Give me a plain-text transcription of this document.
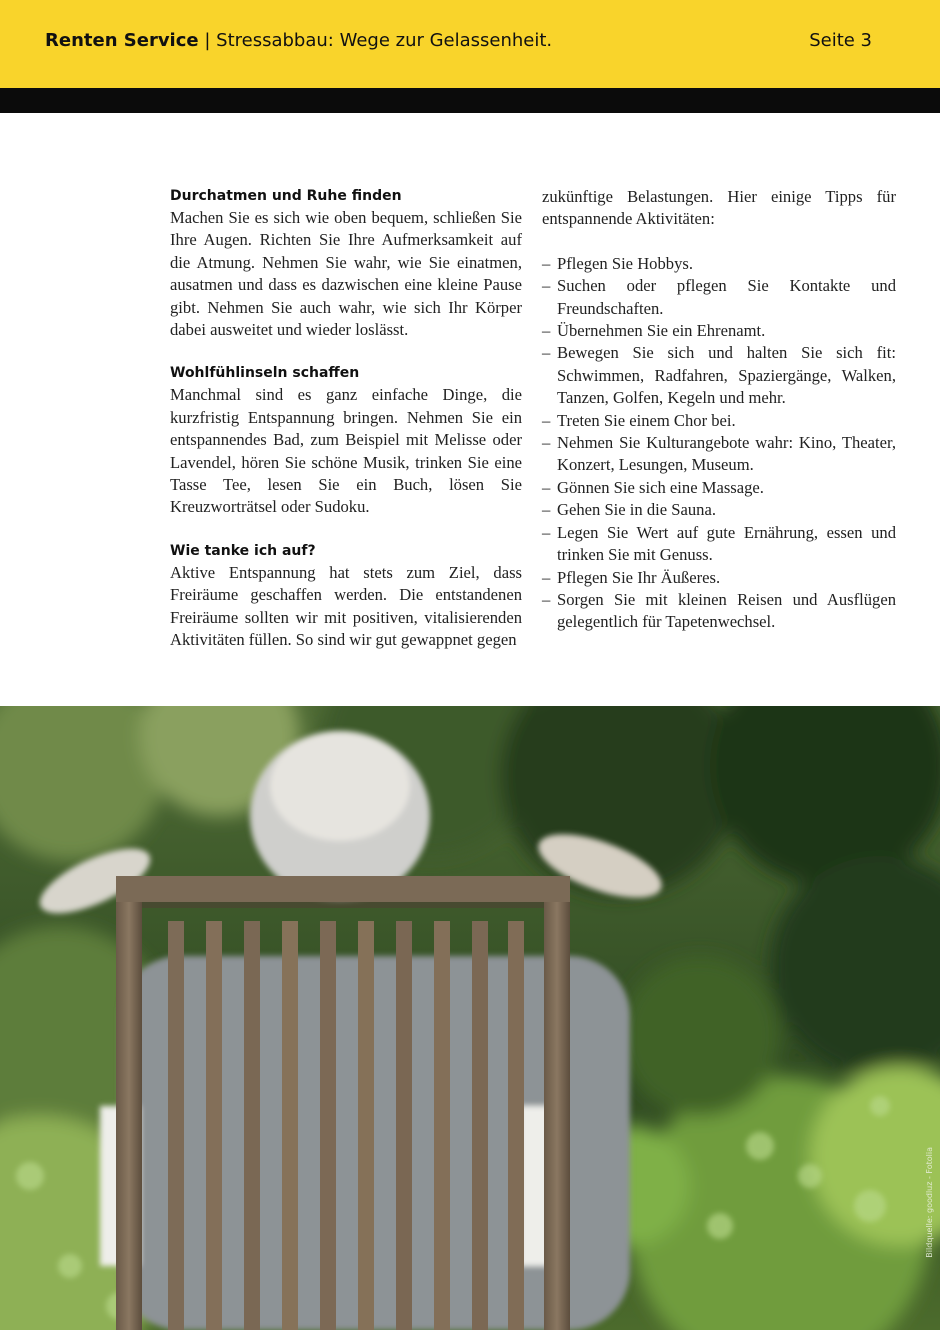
Renten Service | Stressabbau: Wege zur Gelassenheit.	Seite 3
Durchatmen und Ruhe finden

Machen Sie es sich wie oben bequem, schließen Sie Ihre Augen. Richten Sie Ihre Aufmerksamkeit auf die Atmung. Nehmen Sie wahr, wie Sie einatmen, ausatmen und dass es dazwischen eine kleine Pause gibt. Nehmen Sie auch wahr, wie sich Ihr Körper dabei ausweitet und wieder loslässt.

Wohlfühlinseln schaffen

Manchmal sind es ganz einfache Dinge, die kurzfristig Entspannung bringen. Nehmen Sie ein entspannendes Bad, zum Beispiel mit Melisse oder Lavendel, hören Sie schöne Musik, trinken Sie eine Tasse Tee, lesen Sie ein Buch, lösen Sie Kreuzworträtsel oder Sudoku.

Wie tanke ich auf?

Aktive Entspannung hat stets zum Ziel, dass Freiräume geschaffen werden. Die entstandenen Freiräume sollten wir mit positiven, vitalisierenden Aktivitäten füllen. So sind wir gut gewappnet gegen

zukünftige Belastungen. Hier einige Tipps für entspannende Aktivitäten:

– Pflegen Sie Hobbys.
– Suchen oder pflegen Sie Kontakte und Freundschaften.
– Übernehmen Sie ein Ehrenamt.
– Bewegen Sie sich und halten Sie sich fit: Schwimmen, Radfahren, Spaziergänge, Walken, Tanzen, Golfen, Kegeln und mehr.
– Treten Sie einem Chor bei.
– Nehmen Sie Kulturangebote wahr: Kino, Theater, Konzert, Lesungen, Museum.
– Gönnen Sie sich eine Massage.
– Gehen Sie in die Sauna.
– Legen Sie Wert auf gute Ernährung, essen und trinken Sie mit Genuss.
– Pflegen Sie Ihr Äußeres.
– Sorgen Sie mit kleinen Reisen und Ausflügen gelegentlich für Tapetenwechsel.
Bildquelle: goodluz - Fotolia
